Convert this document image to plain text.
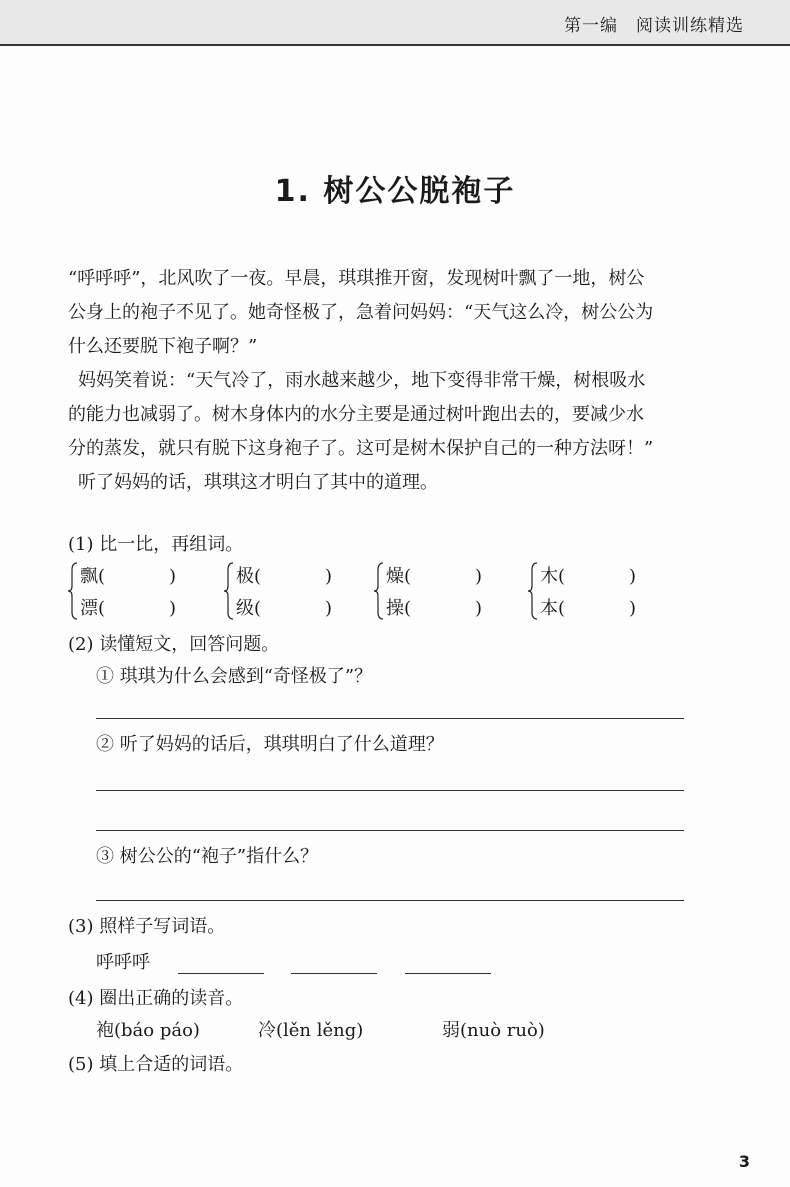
第一编　阅读训练精选
1. 树公公脱袍子
“呼呼呼”，北风吹了一夜。早晨，琪琪推开窗，发现树叶飘了一地，树公
公身上的袍子不见了。她奇怪极了，急着问妈妈：“天气这么冷，树公公为
什么还要脱下袍子啊？”
妈妈笑着说：“天气冷了，雨水越来越少，地下变得非常干燥，树根吸水
的能力也减弱了。树木身体内的水分主要是通过树叶跑出去的，要减少水
分的蒸发，就只有脱下这身袍子了。这可是树木保护自己的一种方法呀！”
听了妈妈的话，琪琪这才明白了其中的道理。
(1) 比一比，再组词。
飘(	)
漂(	)
极(	)
级(	)
燥(	)
操(	)
木(	)
本(	)
(2) 读懂短文，回答问题。
① 琪琪为什么会感到“奇怪极了”？
② 听了妈妈的话后，琪琪明白了什么道理？
③ 树公公的“袍子”指什么？
(3) 照样子写词语。
呼呼呼
(4) 圈出正确的读音。
袍(báo páo)	冷(lěn lěng)	弱(nuò ruò)
(5) 填上合适的词语。
3
